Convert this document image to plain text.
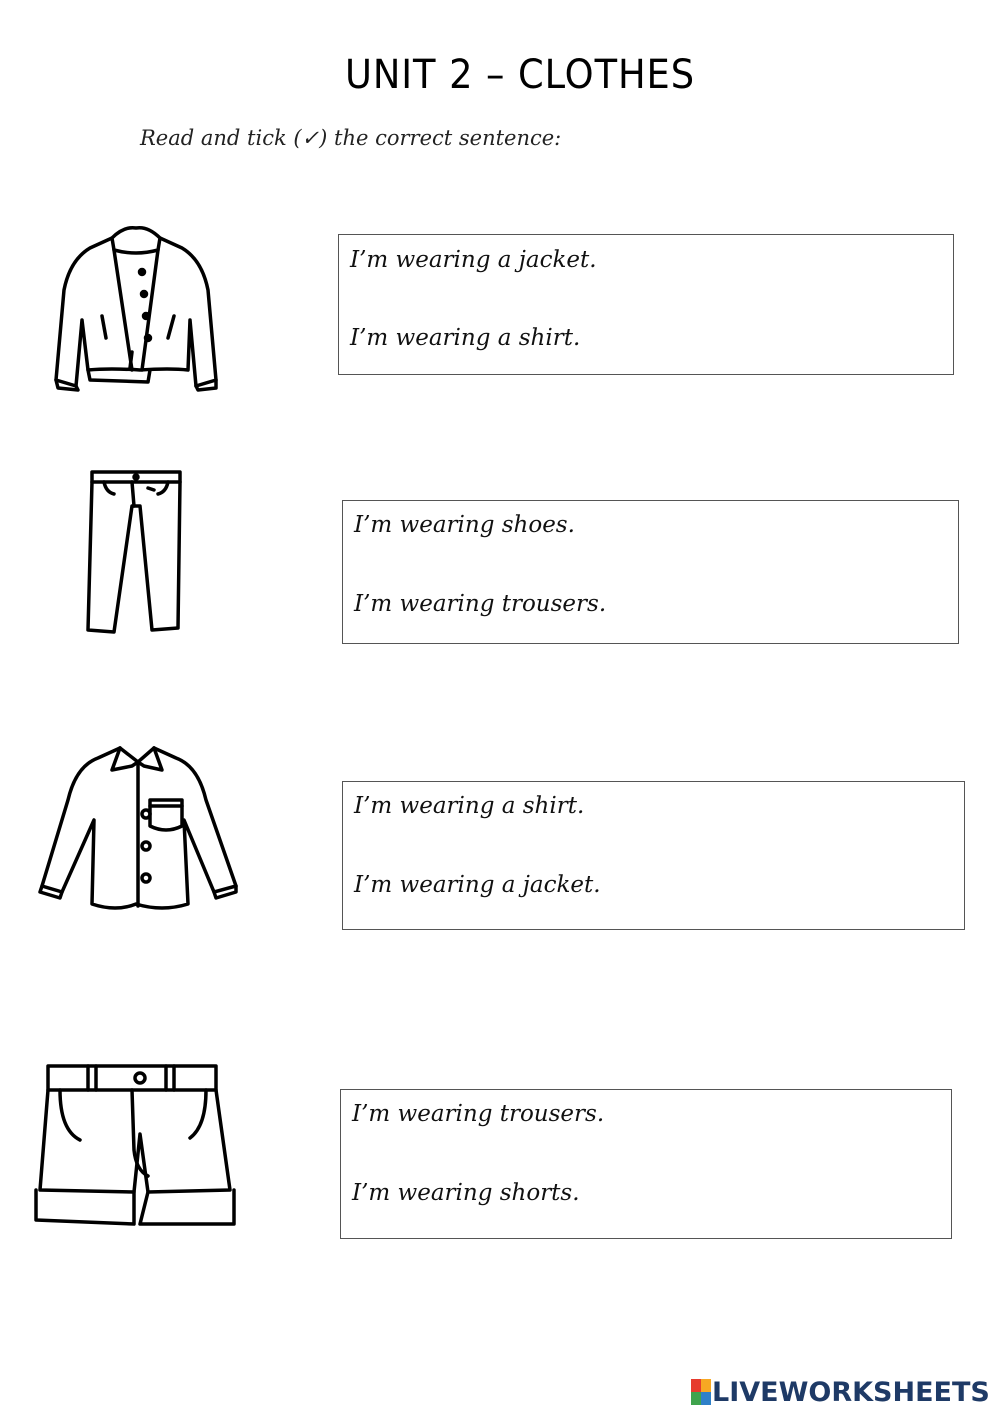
UNIT 2 – CLOTHES
Read and tick (✓) the correct sentence:
I’m wearing a jacket.
I’m wearing a shirt.
I’m wearing shoes.
I’m wearing trousers.
I’m wearing a shirt.
I’m wearing a jacket.
I’m wearing trousers.
I’m wearing shorts.
LIVEWORKSHEETS
